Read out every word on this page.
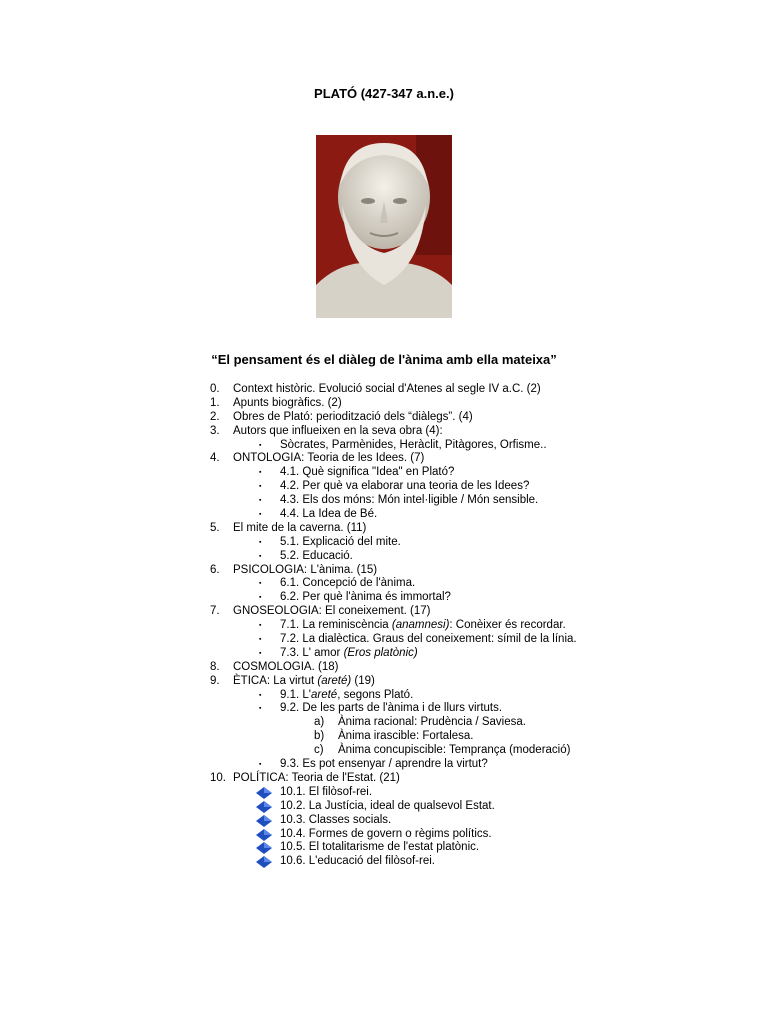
PLATÓ (427-347 a.n.e.)
“El pensament és el diàleg de l'ànima amb ella mateixa”
0. Context històric. Evolució social d'Atenes al segle IV a.C. (2)
1. Apunts biogràfics. (2)
2. Obres de Plató: periodització dels “diàlegs”. (4)
3. Autors que influeixen en la seva obra (4):
▪ Sòcrates, Parmènides, Heràclit, Pitàgores, Orfisme..
4. ONTOLOGIA: Teoria de les Idees. (7)
▪ 4.1. Què significa "Idea" en Plató?
▪ 4.2. Per què va elaborar una teoria de les Idees?
▪ 4.3. Els dos móns: Món intel·ligible / Món sensible.
▪ 4.4. La Idea de Bé.
5. El mite de la caverna. (11)
▪ 5.1. Explicació del mite.
▪ 5.2. Educació.
6. PSICOLOGIA: L'ànima. (15)
▪ 6.1. Concepció de l'ànima.
▪ 6.2. Per què l'ànima és immortal?
7. GNOSEOLOGIA: El coneixement. (17)
▪ 7.1. La reminiscència (anamnesi): Conèixer és recordar.
▪ 7.2. La dialèctica. Graus del coneixement: símil de la línia.
▪ 7.3. L' amor (Eros platònic)
8. COSMOLOGIA. (18)
9. ÈTICA: La virtut (areté) (19)
▪ 9.1. L'areté, segons Plató.
▪ 9.2. De les parts de l'ànima i de llurs virtuts.
a) Ànima racional: Prudència / Saviesa.
b) Ànima irascible: Fortalesa.
c) Ànima concupiscible: Temprança (moderació)
▪ 9.3. Es pot ensenyar / aprendre la virtut?
10. POLÍTICA: Teoria de l'Estat. (21)
10.1. El filòsof-rei.
10.2. La Justícia, ideal de qualsevol Estat.
10.3. Classes socials.
10.4. Formes de govern o règims polítics.
10.5. El totalitarisme de l'estat platònic.
10.6. L'educació del filòsof-rei.
